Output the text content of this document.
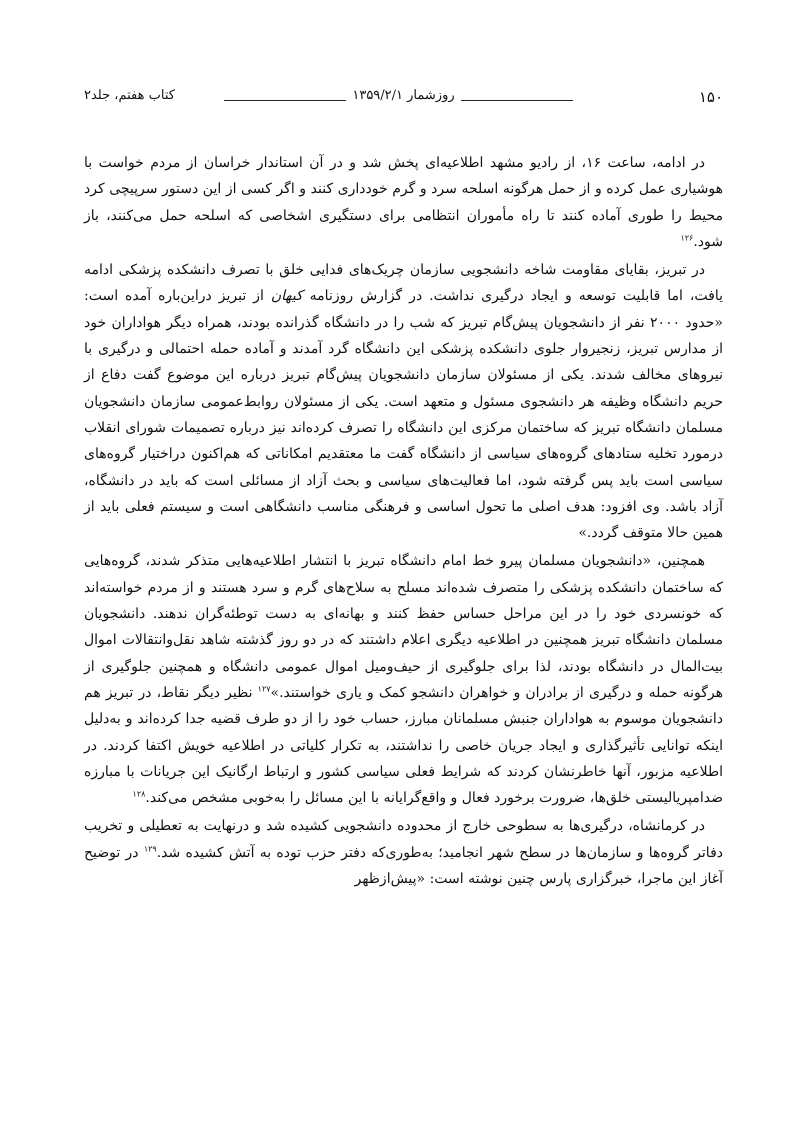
۱۵۰
روزشمار ۱۳۵۹/۲/۱
کتاب هفتم، جلد۲

در ادامه، ساعت ۱۶، از رادیو مشهد اطلاعیه‌ای پخش شد و در آن استاندار خراسان از مردم خواست با هوشیاری عمل کرده و از حمل هرگونه اسلحه سرد و گرم خودداری کنند و اگر کسی از این دستور سرپیچی کرد محیط را طوری آماده کنند تا راه مأموران انتظامی برای دستگیری اشخاصی که اسلحه حمل می‌کنند، باز شود.$^{۱۲۶}$

در تبریز، بقایای مقاومت شاخه دانشجویی سازمان چریک‌های فدایی خلق با تصرف دانشکده پزشکی ادامه یافت، اما قابلیت توسعه و ایجاد درگیری نداشت. در گزارش روزنامه کیهان از تبریز دراین‌باره آمده است: «حدود ۲۰۰۰ نفر از دانشجویان پیش‌گام تبریز که شب را در دانشگاه گذرانده بودند، همراه دیگر هواداران خود از مدارس تبریز، زنجیروار جلوی دانشکده پزشکی این دانشگاه گرد آمدند و آماده حمله احتمالی و درگیری با نیروهای مخالف شدند. یکی از مسئولان سازمان دانشجویان پیش‌گام تبریز درباره این موضوع گفت دفاع از حریم دانشگاه وظیفه هر دانشجوی مسئول و متعهد است. یکی از مسئولان روابط‌عمومی سازمان دانشجویان مسلمان دانشگاه تبریز که ساختمان مرکزی این دانشگاه را تصرف کرده‌اند نیز درباره تصمیمات شورای انقلاب درمورد تخلیه ستادهای گروه‌های سیاسی از دانشگاه گفت ما معتقدیم امکاناتی که هم‌اکنون دراختیار گروه‌های سیاسی است باید پس گرفته شود، اما فعالیت‌های سیاسی و بحث آزاد از مسائلی است که باید در دانشگاه، آزاد باشد. وی افزود: هدف اصلی ما تحول اساسی و فرهنگی مناسب دانشگاهی است و سیستم فعلی باید از همین حالا متوقف گردد.»

همچنین، «دانشجویان مسلمان پیرو خط امام دانشگاه تبریز با انتشار اطلاعیه‌هایی متذکر شدند، گروه‌هایی که ساختمان دانشکده پزشکی را متصرف شده‌اند مسلح به سلاح‌های گرم و سرد هستند و از مردم خواسته‌اند که خونسردی خود را در این مراحل حساس حفظ کنند و بهانه‌ای به دست توطئه‌گران ندهند. دانشجویان مسلمان دانشگاه تبریز همچنین در اطلاعیه دیگری اعلام داشتند که در دو روز گذشته شاهد نقل‌وانتقالات اموال بیت‌المال در دانشگاه بودند، لذا برای جلوگیری از حیف‌ومیل اموال عمومی دانشگاه و همچنین جلوگیری از هرگونه حمله و درگیری از برادران و خواهران دانشجو کمک و یاری خواستند.»$^{۱۲۷}$ نظیر دیگر نقاط، در تبریز هم دانشجویان موسوم به هواداران جنبش مسلمانان مبارز، حساب خود را از دو طرف قضیه جدا کرده‌اند و به‌دلیل اینکه توانایی تأثیرگذاری و ایجاد جریان خاصی را نداشتند، به تکرار کلیاتی در اطلاعیه خویش اکتفا کردند. در اطلاعیه مزبور، آنها خاطرنشان کردند که شرایط فعلی سیاسی کشور و ارتباط ارگانیک این جریانات با مبارزه ضدامپریالیستی خلق‌ها، ضرورت برخورد فعال و واقع‌گرایانه با این مسائل را به‌خوبی مشخص می‌کند.$^{۱۲۸}$

در کرمانشاه، درگیری‌ها به سطوحی خارج از محدوده دانشجویی کشیده شد و درنهایت به تعطیلی و تخریب دفاتر گروه‌ها و سازمان‌ها در سطح شهر انجامید؛ به‌طوری‌که دفتر حزب توده به آتش کشیده شد.$^{۱۲۹}$ در توضیح آغاز این ماجرا، خبرگزاری پارس چنین نوشته است: «پیش‌ازظهر
